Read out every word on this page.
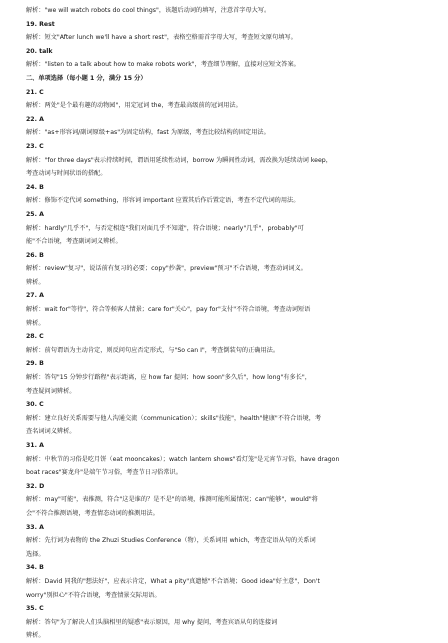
解析："we will watch robots do cool things"，该题后动词的填写，注意首字母大写。
19. Rest
解析：短文"After lunch we'll have a short rest"，表格空格需首字母大写，考查短文原句填写。
20. talk
解析："listen to a talk about how to make robots work"，考查细节理解，直接对应短文答案。
二、单项选择（每小题 1 分，满分 15 分）
21. C
解析：两处"是个最有趣的动物园"，用定冠词 the，考查最高级前的冠词用法。
22. A
解析："as+形容词/副词原级+as"为固定结构，fast 为原级，考查比较结构的固定用法。
23. C
解析："for three days"表示持续时间，谓语用延续性动词，borrow 为瞬间性动词，需改换为延续动词 keep，
考查动词与时间状语的搭配。
24. B
解析：修饰不定代词 something，形容词 important 应置其后作后置定语，考查不定代词的用法。
25. A
解析：hardly"几乎不"，与否定相连"我们对面几乎不知道"，符合语境；nearly"几乎"，probably"可
能"不合语境，考查副词词义辨析。
26. B
解析：review"复习"，说话前有复习的必要；copy"抄袭"，preview"预习"不合语境，考查动词词义。
辨析。
27. A
解析：wait for"等待"，符合等候客人情景；care for"关心"，pay for"支付"不符合语境，考查动词短语
辨析。
28. C
解析：前句谓语为主动肯定，则反问句应否定形式，与"So can I"，考查倒装句的正确用法。
29. B
解析：答句"15 分钟步行路程"表示距离，应 how far 提问；how soon"多久后"，how long"有多长"，
考查疑问词辨析。
30. C
解析：建立良好关系需要与他人沟通交流（communication）；skills"技能"，health"健康"不符合语境，考
查名词词义辨析。
31. A
解析：中秋节的习俗是吃月饼（eat mooncakes）；watch lantern shows"看灯笼"是元宵节习俗，have dragon
boat races"赛龙舟"是端午节习俗，考查节日习俗常识。
32. D
解析：may"可能"，表推测，符合"这是谁的？是不是"的语境，推测可能所属情况；can"能够"，would"将
会"不符合推测语境，考查情态动词的推测用法。
33. A
解析：先行词为表物的 the Zhuzi Studies Conference（物），关系词用 which，考查定语从句的关系词
选择。
34. B
解析：David 同我的"想法好"，应表示肯定，What a pity"真遗憾"不合语境；Good idea"好主意"，Don't
worry"别担心"不符合语境，考查情景交际用语。
35. C
解析：答句"为了解决人们头脑相里的疑惑"表示原因，用 why 提问，考查宾语从句的连接词
辨析。
